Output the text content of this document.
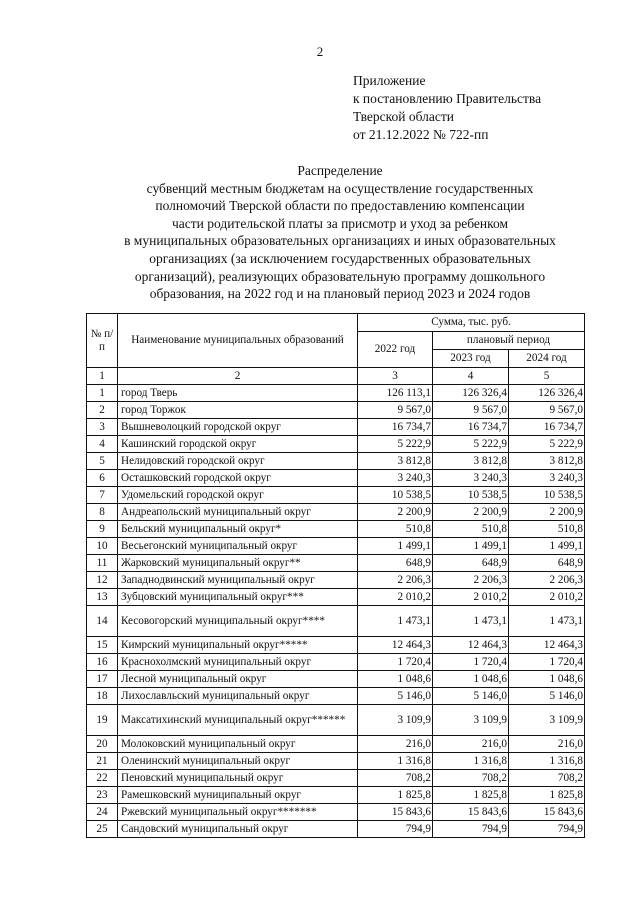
2
Приложение
к постановлению Правительства
Тверской области
от 21.12.2022 № 722-пп
Распределение
субвенций местным бюджетам на осуществление государственных
полномочий Тверской области по предоставлению компенсации
части родительской платы за присмотр и уход за ребенком
в муниципальных образовательных организациях и иных образовательных
организациях (за исключением государственных образовательных
организаций), реализующих образовательную программу дошкольного
образования, на 2022 год и на плановый период 2023 и 2024 годов
№ п/п	Наименование муниципальных образований	Сумма, тыс. руб.		
		2022 год	плановый период	
			2023 год	2024 год
1	2	3	4	5
1	город Тверь	126 113,1	126 326,4	126 326,4
2	город Торжок	9 567,0	9 567,0	9 567,0
3	Вышневолоцкий городской округ	16 734,7	16 734,7	16 734,7
4	Кашинский городской округ	5 222,9	5 222,9	5 222,9
5	Нелидовский городской округ	3 812,8	3 812,8	3 812,8
6	Осташковский городской округ	3 240,3	3 240,3	3 240,3
7	Удомельский городской округ	10 538,5	10 538,5	10 538,5
8	Андреапольский муниципальный округ	2 200,9	2 200,9	2 200,9
9	Бельский муниципальный округ*	510,8	510,8	510,8
10	Весьегонский муниципальный округ	1 499,1	1 499,1	1 499,1
11	Жарковский муниципальный округ**	648,9	648,9	648,9
12	Западнодвинский муниципальный округ	2 206,3	2 206,3	2 206,3
13	Зубцовский муниципальный округ***	2 010,2	2 010,2	2 010,2
14	Кесовогорский муниципальный округ****	1 473,1	1 473,1	1 473,1
15	Кимрский муниципальный округ*****	12 464,3	12 464,3	12 464,3
16	Краснохолмский муниципальный округ	1 720,4	1 720,4	1 720,4
17	Лесной муниципальный округ	1 048,6	1 048,6	1 048,6
18	Лихославльский муниципальный округ	5 146,0	5 146,0	5 146,0
19	Максатихинский муниципальный округ******	3 109,9	3 109,9	3 109,9
20	Молоковский муниципальный округ	216,0	216,0	216,0
21	Оленинский муниципальный округ	1 316,8	1 316,8	1 316,8
22	Пеновский муниципальный округ	708,2	708,2	708,2
23	Рамешковский муниципальный округ	1 825,8	1 825,8	1 825,8
24	Ржевский муниципальный округ*******	15 843,6	15 843,6	15 843,6
25	Сандовский муниципальный округ	794,9	794,9	794,9
